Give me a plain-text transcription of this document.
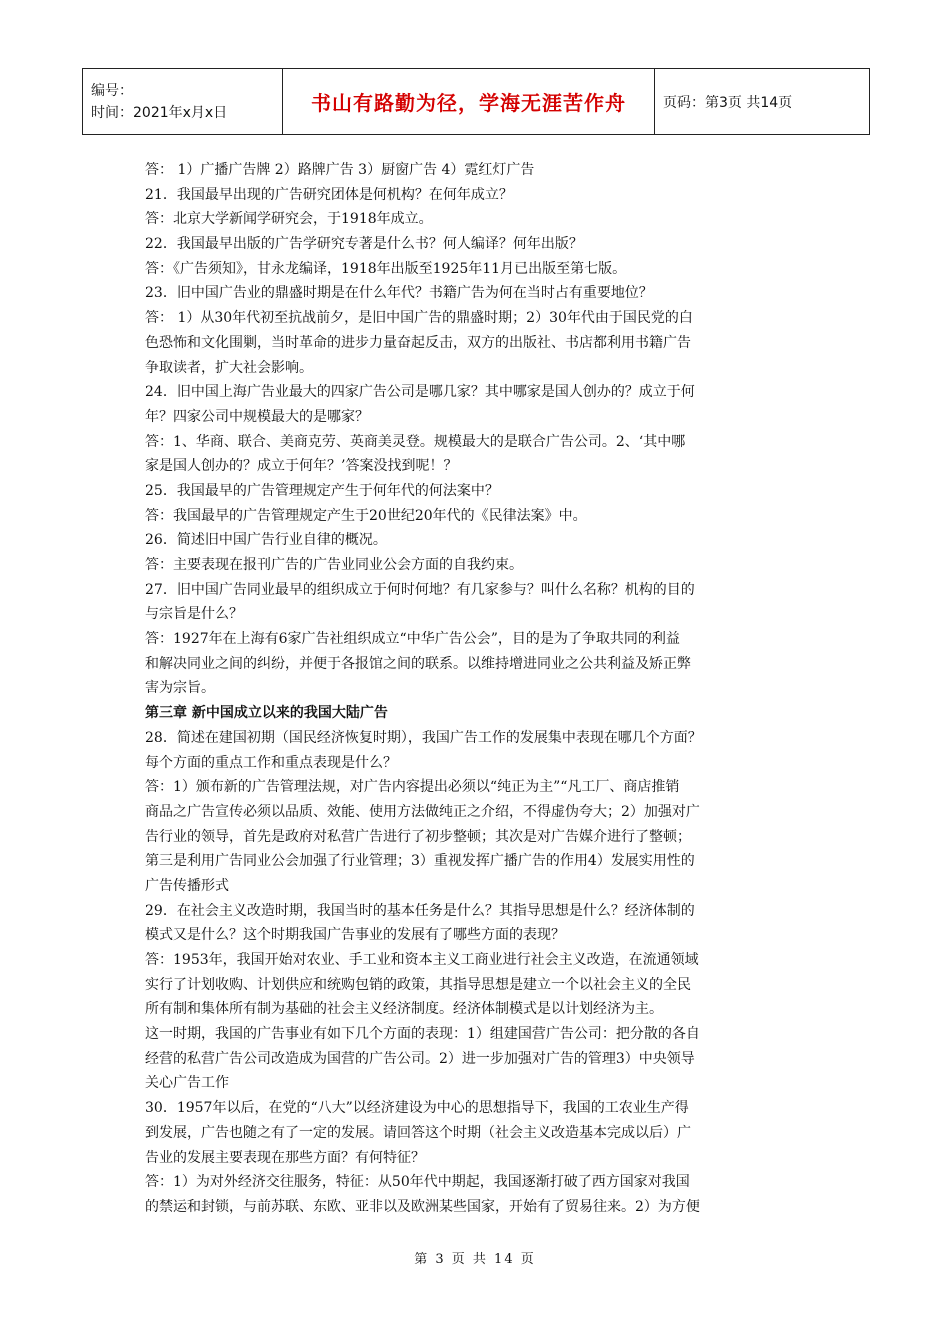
编号：
时间：2021年x月x日	书山有路勤为径，学海无涯苦作舟	页码：第3页 共14页
答： 1）广播广告牌 2）路牌广告 3）厨窗广告 4）霓红灯广告
21．我国最早出现的广告研究团体是何机构？在何年成立？
答：北京大学新闻学研究会，于1918年成立。
22．我国最早出版的广告学研究专著是什么书？何人编译？何年出版？
答：《广告须知》，甘永龙编译，1918年出版至1925年11月已出版至第七版。
23．旧中国广告业的鼎盛时期是在什么年代？书籍广告为何在当时占有重要地位？
答： 1）从30年代初至抗战前夕，是旧中国广告的鼎盛时期；2）30年代由于国民党的白
色恐怖和文化围剿，当时革命的进步力量奋起反击，双方的出版社、书店都利用书籍广告
争取读者，扩大社会影响。
24．旧中国上海广告业最大的四家广告公司是哪几家？其中哪家是国人创办的？成立于何
年？四家公司中规模最大的是哪家？
答：1、华商、联合、美商克劳、英商美灵登。规模最大的是联合广告公司。2、‘其中哪
家是国人创办的？成立于何年？’答案没找到呢！？
25．我国最早的广告管理规定产生于何年代的何法案中？
答：我国最早的广告管理规定产生于20世纪20年代的《民律法案》中。
26．简述旧中国广告行业自律的概况。
答：主要表现在报刊广告的广告业同业公会方面的自我约束。
27．旧中国广告同业最早的组织成立于何时何地？有几家参与？叫什么名称？机构的目的
与宗旨是什么？
答：1927年在上海有6家广告社组织成立“中华广告公会”，目的是为了争取共同的利益
和解决同业之间的纠纷，并便于各报馆之间的联系。以维持增进同业之公共利益及矫正弊
害为宗旨。
第三章 新中国成立以来的我国大陆广告
28．简述在建国初期（国民经济恢复时期），我国广告工作的发展集中表现在哪几个方面？
每个方面的重点工作和重点表现是什么？
答：1）颁布新的广告管理法规，对广告内容提出必须以“纯正为主”“凡工厂、商店推销
商品之广告宣传必须以品质、效能、使用方法做纯正之介绍，不得虚伪夸大；2）加强对广
告行业的领导，首先是政府对私营广告进行了初步整顿；其次是对广告媒介进行了整顿；
第三是利用广告同业公会加强了行业管理；3）重视发挥广播广告的作用4）发展实用性的
广告传播形式
29．在社会主义改造时期，我国当时的基本任务是什么？其指导思想是什么？经济体制的
模式又是什么？这个时期我国广告事业的发展有了哪些方面的表现？
答：1953年，我国开始对农业、手工业和资本主义工商业进行社会主义改造，在流通领域
实行了计划收购、计划供应和统购包销的政策，其指导思想是建立一个以社会主义的全民
所有制和集体所有制为基础的社会主义经济制度。经济体制模式是以计划经济为主。
这一时期，我国的广告事业有如下几个方面的表现：1）组建国营广告公司：把分散的各自
经营的私营广告公司改造成为国营的广告公司。2）进一步加强对广告的管理3）中央领导
关心广告工作
30．1957年以后，在党的“八大”以经济建设为中心的思想指导下，我国的工农业生产得
到发展，广告也随之有了一定的发展。请回答这个时期（社会主义改造基本完成以后）广
告业的发展主要表现在那些方面？有何特征？
答：1）为对外经济交往服务，特征：从50年代中期起，我国逐渐打破了西方国家对我国
的禁运和封锁，与前苏联、东欧、亚非以及欧洲某些国家，开始有了贸易往来。2）为方便
第 3 页 共 14 页
